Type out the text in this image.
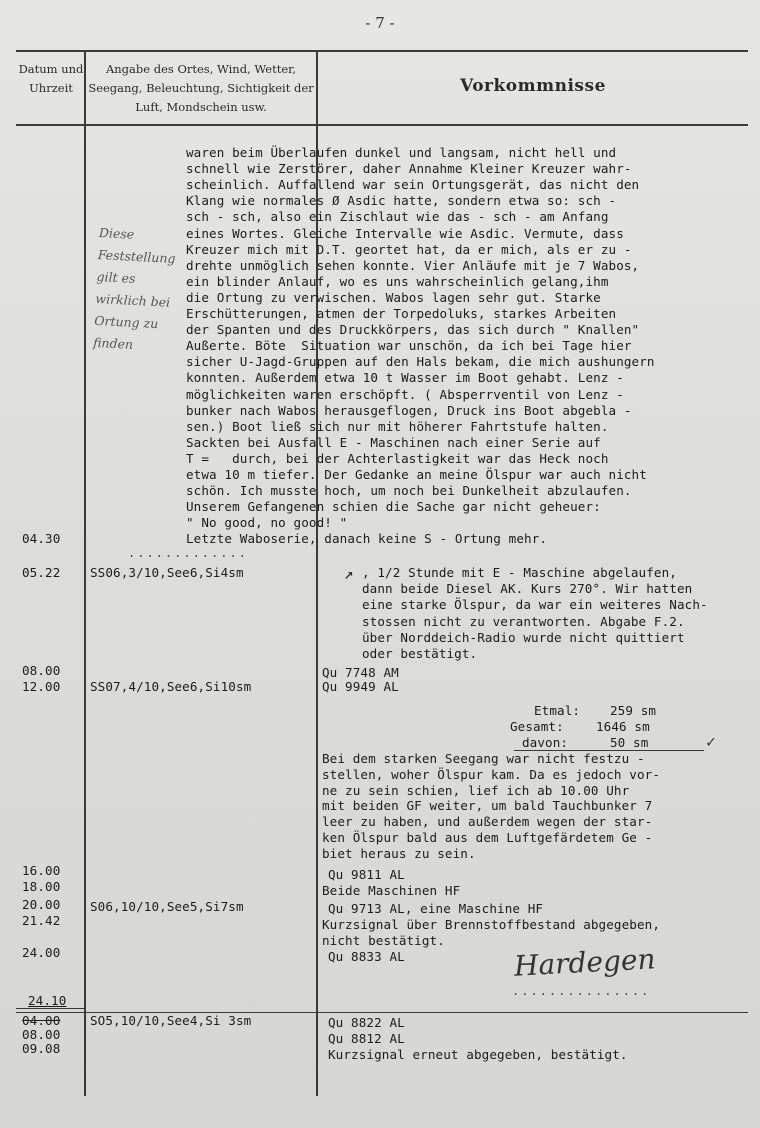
- 7 -
Datum und Uhrzeit
Angabe des Ortes, Wind, Wetter, Seegang, Beleuchtung, Sichtigkeit der Luft, Mondschein usw.
Vorkommnisse
Diese Feststellung gilt es wirklich bei Ortung zu finden
waren beim Überlaufen dunkel und langsam, nicht hell und
schnell wie Zerstörer, daher Annahme Kleiner Kreuzer wahr-
scheinlich. Auffallend war sein Ortungsgerät, das nicht den
Klang wie normales Ø Asdic hatte, sondern etwa so: sch -
sch - sch, also ein Zischlaut wie das - sch - am Anfang
eines Wortes. Gleiche Intervalle wie Asdic. Vermute, dass
Kreuzer mich mit D.T. geortet hat, da er mich, als er zu -
drehte unmöglich sehen konnte. Vier Anläufe mit je 7 Wabos,
ein blinder Anlauf, wo es uns wahrscheinlich gelang,ihm
die Ortung zu verwischen. Wabos lagen sehr gut. Starke
Erschütterungen, atmen der Torpedoluks, starkes Arbeiten
der Spanten und des Druckkörpers, das sich durch " Knallen"
Außerte. Böte  Situation war unschön, da ich bei Tage hier
sicher U-Jagd-Gruppen auf den Hals bekam, die mich aushungern
konnten. Außerdem etwa 10 t Wasser im Boot gehabt. Lenz -
möglichkeiten waren erschöpft. ( Absperrventil von Lenz -
bunker nach Wabos herausgeflogen, Druck ins Boot abgebla -
sen.) Boot ließ sich nur mit höherer Fahrtstufe halten.
Sackten bei Ausfall E - Maschinen nach einer Serie auf
T =   durch, bei der Achterlastigkeit war das Heck noch
etwa 10 m tiefer. Der Gedanke an meine Ölspur war auch nicht
schön. Ich musste hoch, um noch bei Dunkelheit abzulaufen.
Unserem Gefangenen schien die Sache gar nicht geheuer:
" No good, no good! "
04.30	Letzte Waboserie, danach keine S - Ortung mehr.
.............
05.22 SS06,3/10,See6,Si4sm	↗ , 1/2 Stunde mit E - Maschine abgelaufen,
dann beide Diesel AK. Kurs 270°. Wir hatten
eine starke Ölspur, da war ein weiteres Nach-
stossen nicht zu verantworten. Abgabe F.2.
über Norddeich-Radio wurde nicht quittiert
oder bestätigt.
08.00	Qu 7748 AM
12.00 SS07,4/10,See6,Si10sm	Qu 9949 AL
Etmal: 259 sm
Gesamt:	1646 sm
davon:	50 sm	✓
Bei dem starken Seegang war nicht festzu -
stellen, woher Ölspur kam. Da es jedoch vor-
ne zu sein schien, lief ich ab 10.00 Uhr
mit beiden GF weiter, um bald Tauchbunker 7
leer zu haben, und außerdem wegen der star-
ken Ölspur bald aus dem Luftgefärdetem Ge -
biet heraus zu sein.
16.00	Qu 9811 AL
18.00	Beide Maschinen HF
20.00 S06,10/10,See5,Si7sm	Qu 9713 AL, eine Maschine HF
21.42	Kurzsignal über Brennstoffbestand abgegeben,
nicht bestätigt.
24.00	Qu 8833 AL	Hardegen
...............
24.10
04.00 SO5,10/10,See4,Si 3sm	Qu 8822 AL
08.00	Qu 8812 AL
09.08	Kurzsignal erneut abgegeben, bestätigt.
